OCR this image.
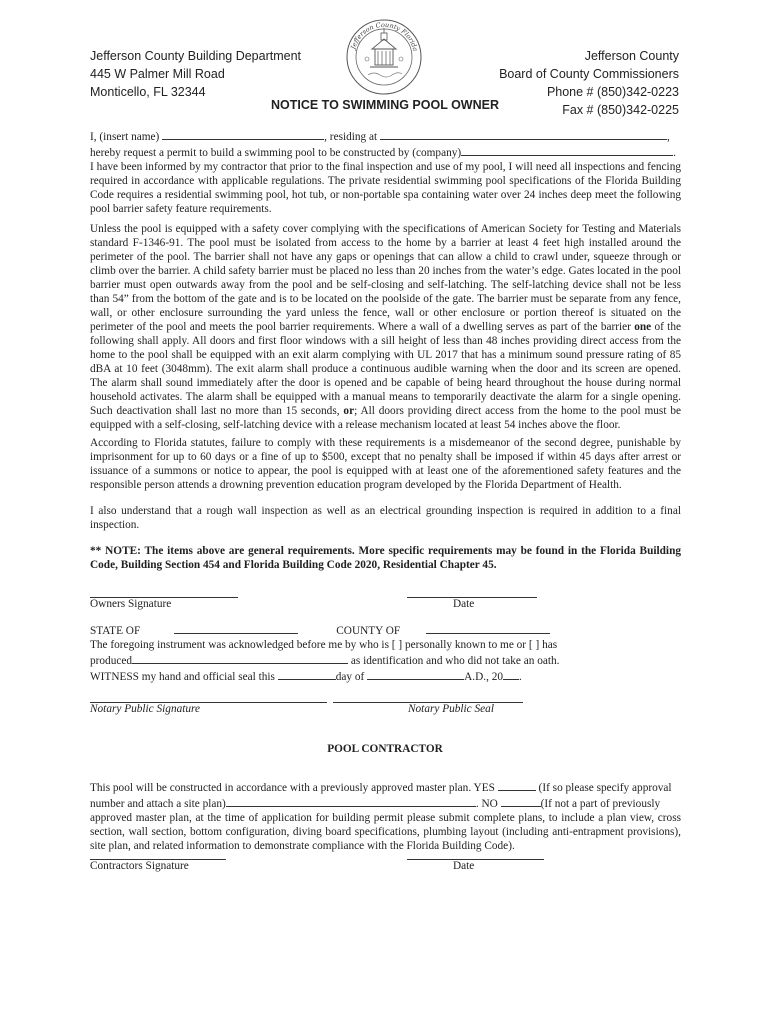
Jefferson County Building Department
445 W Palmer Mill Road
Monticello, FL 32344
Jefferson County Florida	Jefferson County
Board of County Commissioners
Phone # (850)342-0223
Fax # (850)342-0225
NOTICE TO SWIMMING POOL OWNER

I, (insert name)	, residing at	,

hereby request a permit to build a swimming pool to be constructed by (company)	.

I have been informed by my contractor that prior to the final inspection and use of my pool, I will need all inspections and fencing required in accordance with applicable regulations. The private residential swimming pool specifications of the Florida Building Code requires a residential swimming pool, hot tub, or non-portable spa containing water over 24 inches deep meet the following pool barrier safety feature requirements.

Unless the pool is equipped with a safety cover complying with the specifications of American Society for Testing and Materials standard F-1346-91. The pool must be isolated from access to the home by a barrier at least 4 feet high installed around the perimeter of the pool. The barrier shall not have any gaps or openings that can allow a child to crawl under, squeeze through or climb over the barrier. A child safety barrier must be placed no less than 20 inches from the water’s edge. Gates located in the pool barrier must open outwards away from the pool and be self-closing and self-latching. The self-latching device shall not be less than 54” from the bottom of the gate and is to be located on the poolside of the gate. The barrier must be separate from any fence, wall, or other enclosure surrounding the yard unless the fence, wall or other enclosure or portion thereof is situated on the perimeter of the pool and meets the pool barrier requirements. Where a wall of a dwelling serves as part of the barrier one of the following shall apply. All doors and first floor windows with a sill height of less than 48 inches providing direct access from the home to the pool shall be equipped with an exit alarm complying with UL 2017 that has a minimum sound pressure rating of 85 dBA at 10 feet (3048mm). The exit alarm shall produce a continuous audible warning when the door and its screen are opened. The alarm shall sound immediately after the door is opened and be capable of being heard throughout the house during normal household activates. The alarm shall be equipped with a manual means to temporarily deactivate the alarm for a single opening. Such deactivation shall last no more than 15 seconds, or; All doors providing direct access from the home to the pool must be equipped with a self-closing, self-latching device with a release mechanism located at least 54 inches above the floor.

According to Florida statutes, failure to comply with these requirements is a misdemeanor of the second degree, punishable by imprisonment for up to 60 days or a fine of up to $500, except that no penalty shall be imposed if within 45 days after arrest or issuance of a summons or notice to appear, the pool is equipped with at least one of the aforementioned safety features and the responsible person attends a drowning prevention education program developed by the Florida Department of Health.

I also understand that a rough wall inspection as well as an electrical grounding inspection is required in addition to a final inspection.

** NOTE: The items above are general requirements. More specific requirements may be found in the Florida Building Code, Building Section 454 and Florida Building Code 2020, Residential Chapter 45.

Owners Signature	Date

STATE OF	COUNTY OF

The foregoing instrument was acknowledged before me by who is [ ] personally known to me or [ ] has

produced	as identification and who did not take an oath.

WITNESS my hand and official seal this	day of	A.D., 20 .

Notary Public Signature	Notary Public Seal
POOL CONTRACTOR

This pool will be constructed in accordance with a previously approved master plan. YES	(If so please specify approval

number and attach a site plan)	. NO	(If not a part of previously

approved master plan, at the time of application for building permit please submit complete plans, to include a plan view, cross section, wall section, bottom configuration, diving board specifications, plumbing layout (including anti-entrapment provisions), site plan, and related information to demonstrate compliance with the Florida Building Code).

Contractors Signature	Date
